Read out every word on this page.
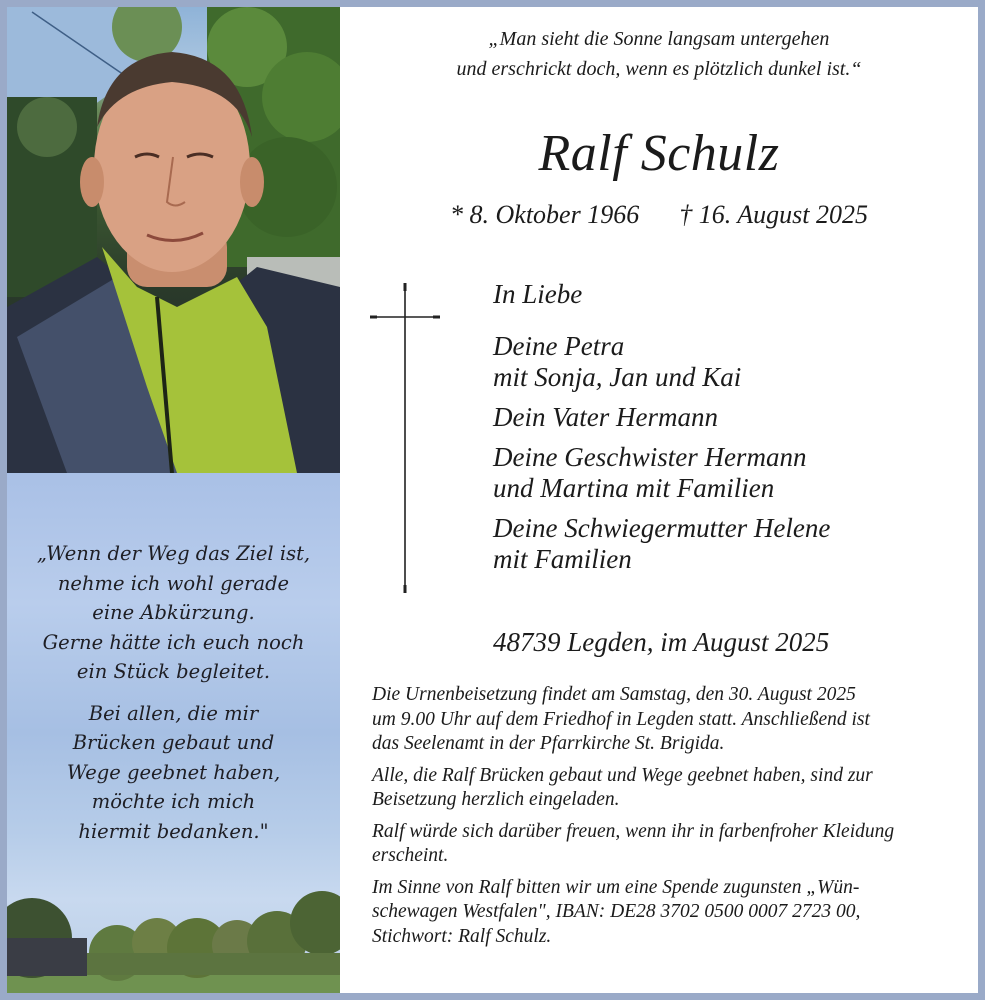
„Wenn der Weg das Ziel ist,
nehme ich wohl gerade
eine Abkürzung.
Gerne hätte ich euch noch
ein Stück begleitet.

Bei allen, die mir
Brücken gebaut und
Wege geebnet haben,
möchte ich mich
hiermit bedanken."

„Man sieht die Sonne langsam untergehen
und erschrickt doch, wenn es plötzlich dunkel ist.“
Ralf Schulz
* 8. Oktober 1966 † 16. August 2025
In Liebe
Deine Petra
mit Sonja, Jan und Kai
Dein Vater Hermann
Deine Geschwister Hermann
und Martina mit Familien
Deine Schwiegermutter Helene
mit Familien
48739 Legden, im August 2025

Die Urnenbeisetzung findet am Samstag, den 30. August 2025
um 9.00 Uhr auf dem Friedhof in Legden statt. Anschließend ist
das Seelenamt in der Pfarrkirche St. Brigida.

Alle, die Ralf Brücken gebaut und Wege geebnet haben, sind zur
Beisetzung herzlich eingeladen.

Ralf würde sich darüber freuen, wenn ihr in farbenfroher Kleidung
erscheint.

Im Sinne von Ralf bitten wir um eine Spende zugunsten „Wün-
schewagen Westfalen", IBAN: DE28 3702 0500 0007 2723 00,
Stichwort: Ralf Schulz.
